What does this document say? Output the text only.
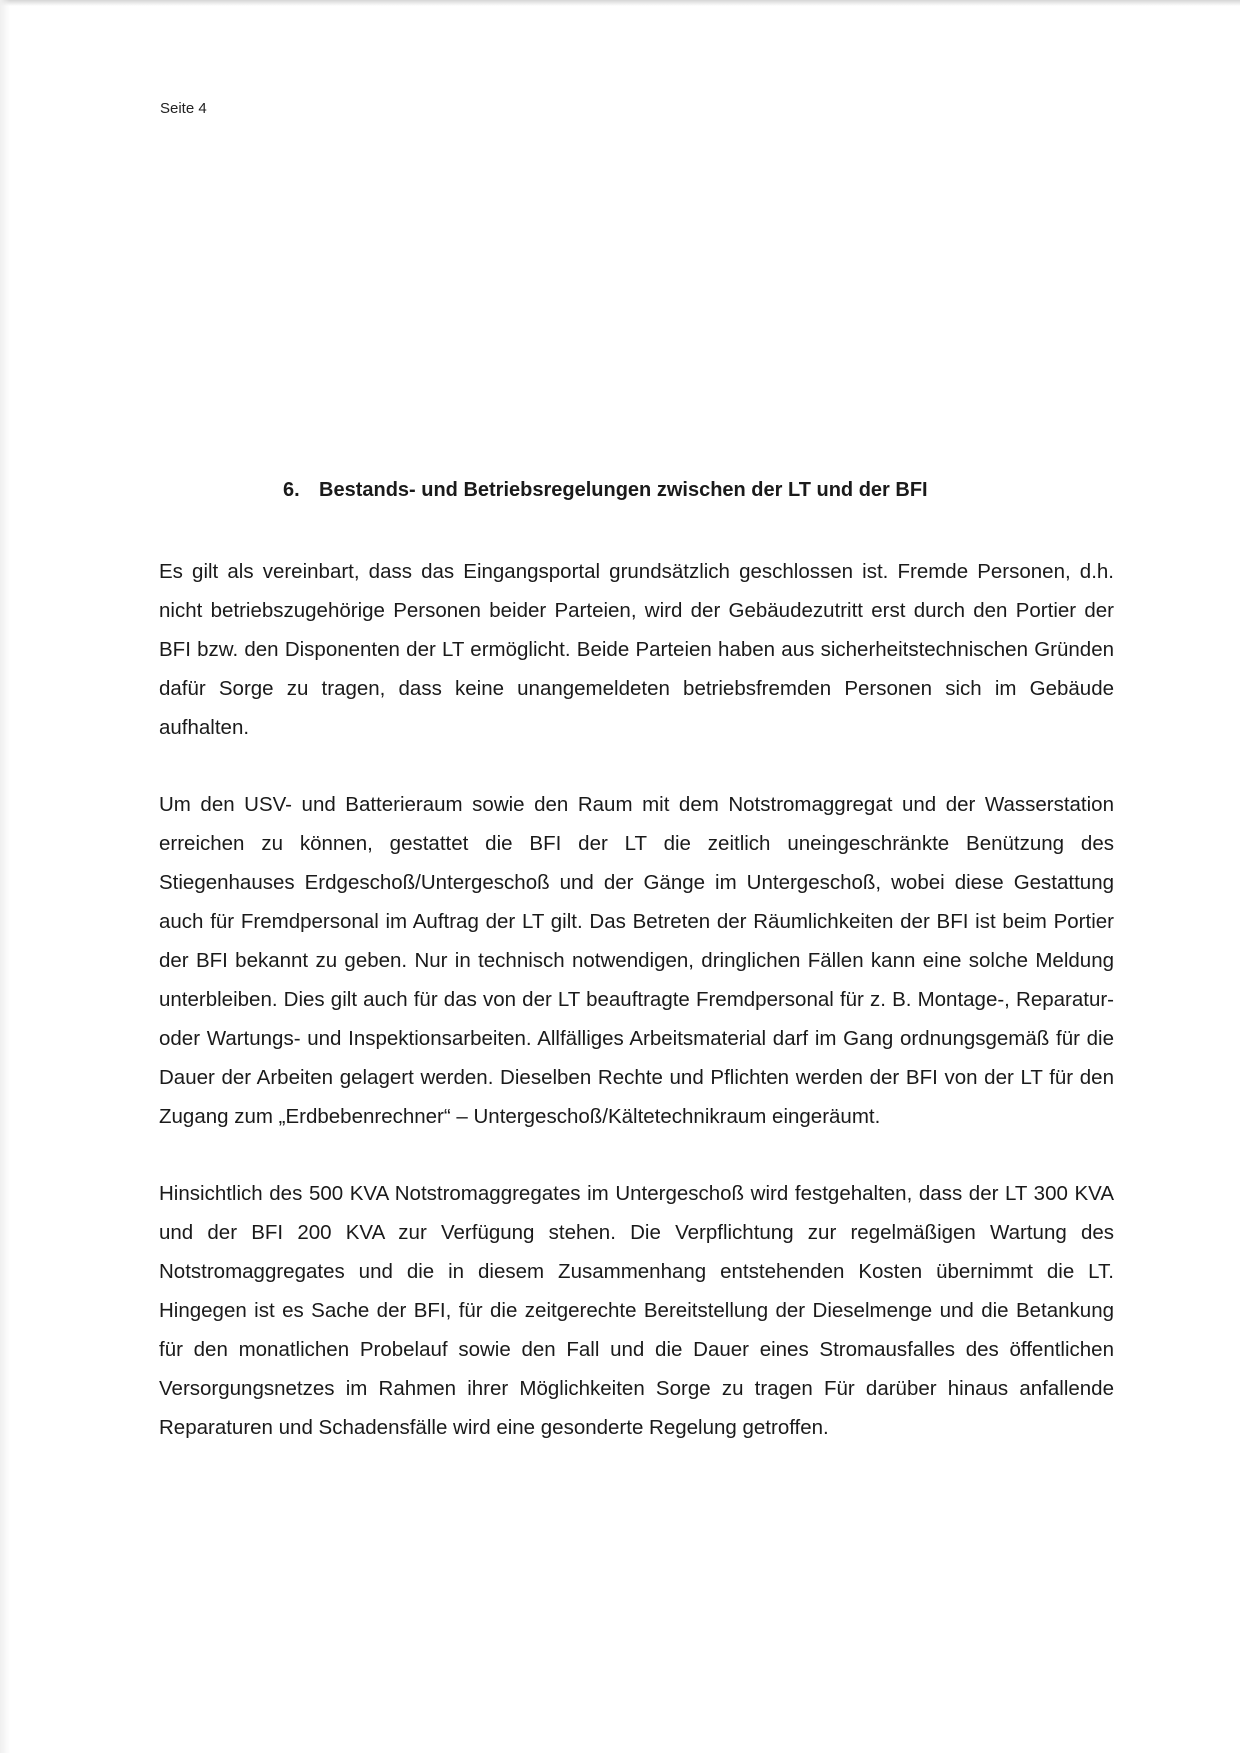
Seite 4
6. Bestands- und Betriebsregelungen zwischen der LT und der BFI

Es gilt als vereinbart, dass das Eingangsportal grundsätzlich geschlossen ist. Fremde Personen, d.h. nicht betriebszugehörige Personen beider Parteien, wird der Gebäudezutritt erst durch den Portier der BFI bzw. den Disponenten der LT ermöglicht. Beide Parteien haben aus sicherheitstechnischen Gründen dafür Sorge zu tragen, dass keine unangemeldeten betriebsfremden Personen sich im Gebäude aufhalten.

Um den USV- und Batterieraum sowie den Raum mit dem Notstromaggregat und der Wasserstation erreichen zu können, gestattet die BFI der LT die zeitlich uneingeschränkte Benützung des Stiegenhauses Erdgeschoß/Untergeschoß und der Gänge im Untergeschoß, wobei diese Gestattung auch für Fremdpersonal im Auftrag der LT gilt. Das Betreten der Räumlichkeiten der BFI ist beim Portier der BFI bekannt zu geben. Nur in technisch notwendigen, dringlichen Fällen kann eine solche Meldung unterbleiben. Dies gilt auch für das von der LT beauftragte Fremdpersonal für z. B. Montage-, Reparatur- oder Wartungs- und Inspektionsarbeiten. Allfälliges Arbeitsmaterial darf im Gang ordnungsgemäß für die Dauer der Arbeiten gelagert werden. Dieselben Rechte und Pflichten werden der BFI von der LT für den Zugang zum „Erdbebenrechner“ – Untergeschoß/Kältetechnikraum eingeräumt.

Hinsichtlich des 500 KVA Notstromaggregates im Untergeschoß wird festgehalten, dass der LT 300 KVA und der BFI 200 KVA zur Verfügung stehen. Die Verpflichtung zur regelmäßigen Wartung des Notstromaggregates und die in diesem Zusammenhang entstehenden Kosten übernimmt die LT. Hingegen ist es Sache der BFI, für die zeitgerechte Bereitstellung der Dieselmenge und die Betankung für den monatlichen Probelauf sowie den Fall und die Dauer eines Stromausfalles des öffentlichen Versorgungsnetzes im Rahmen ihrer Möglichkeiten Sorge zu tragen Für darüber hinaus anfallende Reparaturen und Schadensfälle wird eine gesonderte Regelung getroffen.
